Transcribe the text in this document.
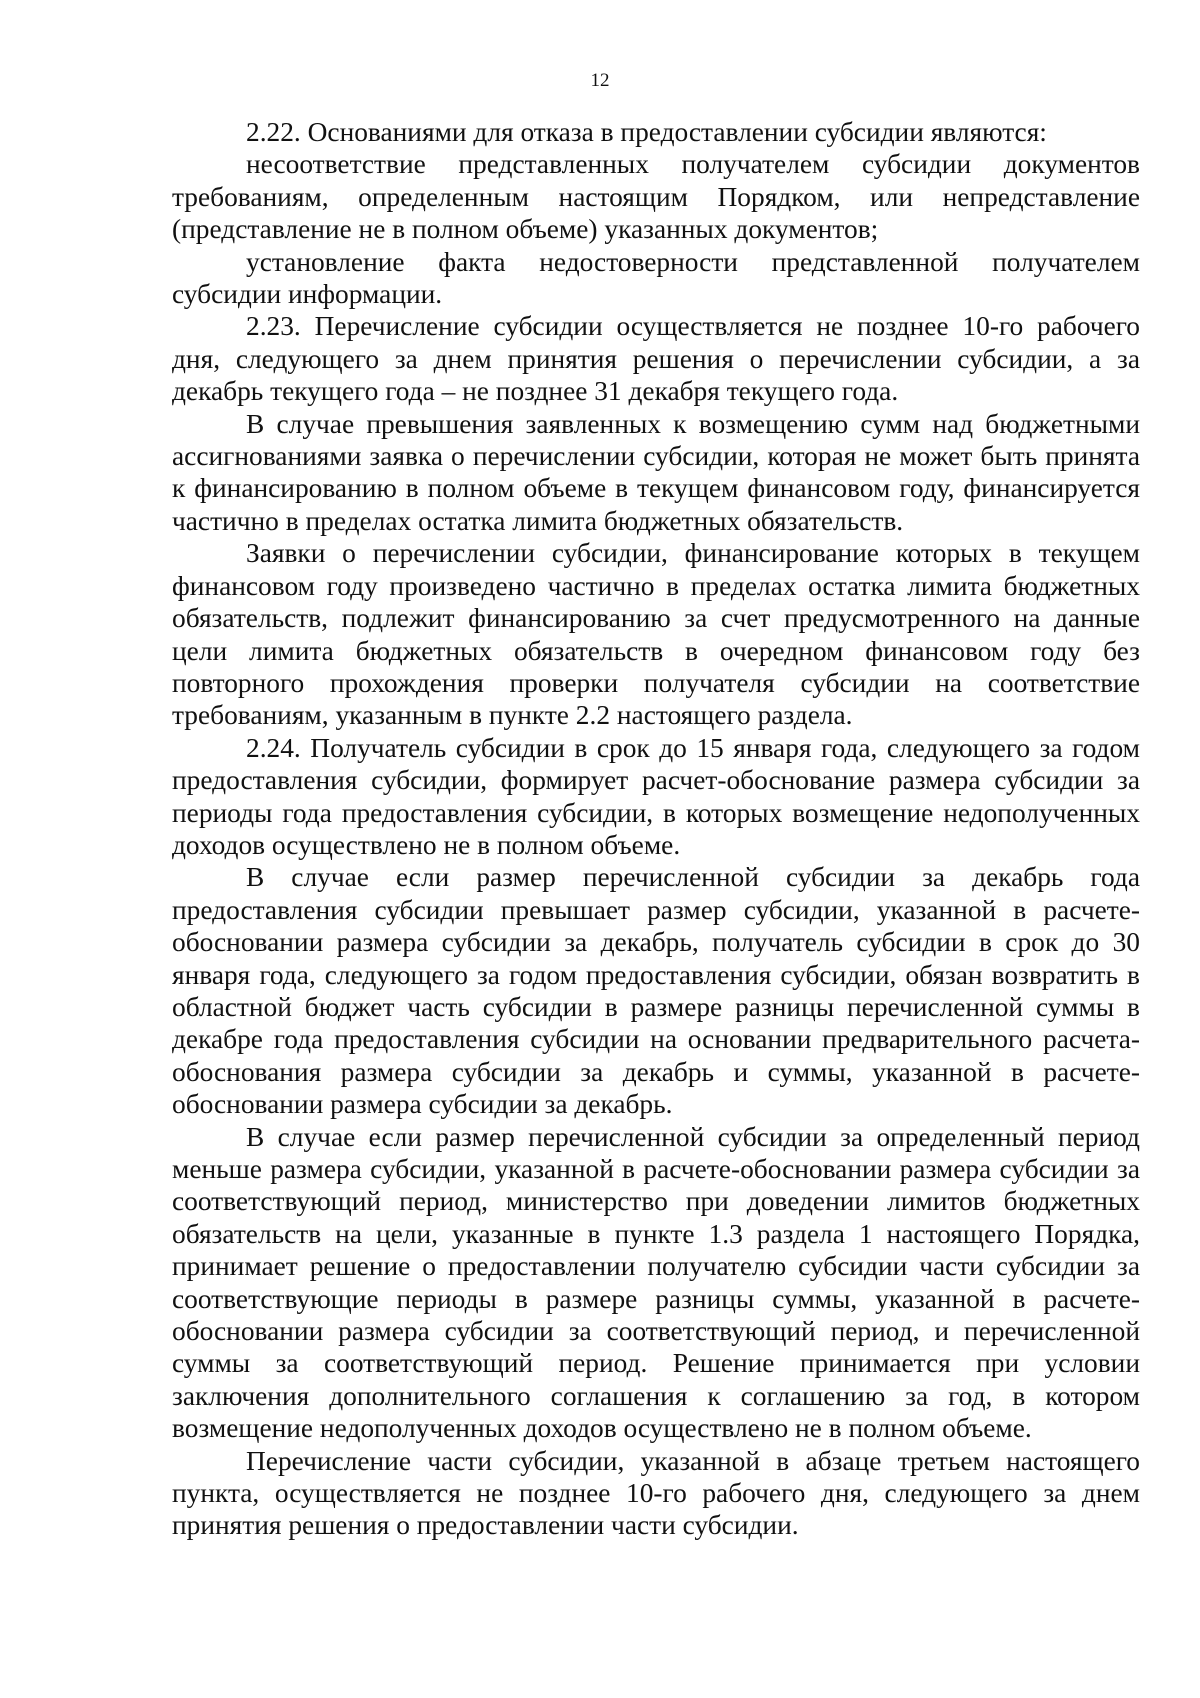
12

2.22. Основаниями для отказа в предоставлении субсидии являются:

несоответствие представленных получателем субсидии документов требованиям, определенным настоящим Порядком, или непредставление (представление не в полном объеме) указанных документов;

установление факта недостоверности представленной получателем субсидии информации.

2.23. Перечисление субсидии осуществляется не позднее 10-го рабочего дня, следующего за днем принятия решения о перечислении субсидии, а за декабрь текущего года – не позднее 31 декабря текущего года.

В случае превышения заявленных к возмещению сумм над бюджетными ассигнованиями заявка о перечислении субсидии, которая не может быть принята к финансированию в полном объеме в текущем финансовом году, финансируется частично в пределах остатка лимита бюджетных обязательств.

Заявки о перечислении субсидии, финансирование которых в текущем финансовом году произведено частично в пределах остатка лимита бюджетных обязательств, подлежит финансированию за счет предусмотренного на данные цели лимита бюджетных обязательств в очередном финансовом году без повторного прохождения проверки получателя субсидии на соответствие требованиям, указанным в пункте 2.2 настоящего раздела.

2.24. Получатель субсидии в срок до 15 января года, следующего за годом предоставления субсидии, формирует расчет-обоснование размера субсидии за периоды года предоставления субсидии, в которых возмещение недополученных доходов осуществлено не в полном объеме.

В случае если размер перечисленной субсидии за декабрь года предоставления субсидии превышает размер субсидии, указанной в расчете-обосновании размера субсидии за декабрь, получатель субсидии в срок до 30 января года, следующего за годом предоставления субсидии, обязан возвратить в областной бюджет часть субсидии в размере разницы перечисленной суммы в декабре года предоставления субсидии на основании предварительного расчета-обоснования размера субсидии за декабрь и суммы, указанной в расчете-обосновании размера субсидии за декабрь.

В случае если размер перечисленной субсидии за определенный период меньше размера субсидии, указанной в расчете-обосновании размера субсидии за соответствующий период, министерство при доведении лимитов бюджетных обязательств на цели, указанные в пункте 1.3 раздела 1 настоящего Порядка, принимает решение о предоставлении получателю субсидии части субсидии за соответствующие периоды в размере разницы суммы, указанной в расчете-обосновании размера субсидии за соответствующий период, и перечисленной суммы за соответствующий период. Решение принимается при условии заключения дополнительного соглашения к соглашению за год, в котором возмещение недополученных доходов осуществлено не в полном объеме.

Перечисление части субсидии, указанной в абзаце третьем настоящего пункта, осуществляется не позднее 10-го рабочего дня, следующего за днем принятия решения о предоставлении части субсидии.
